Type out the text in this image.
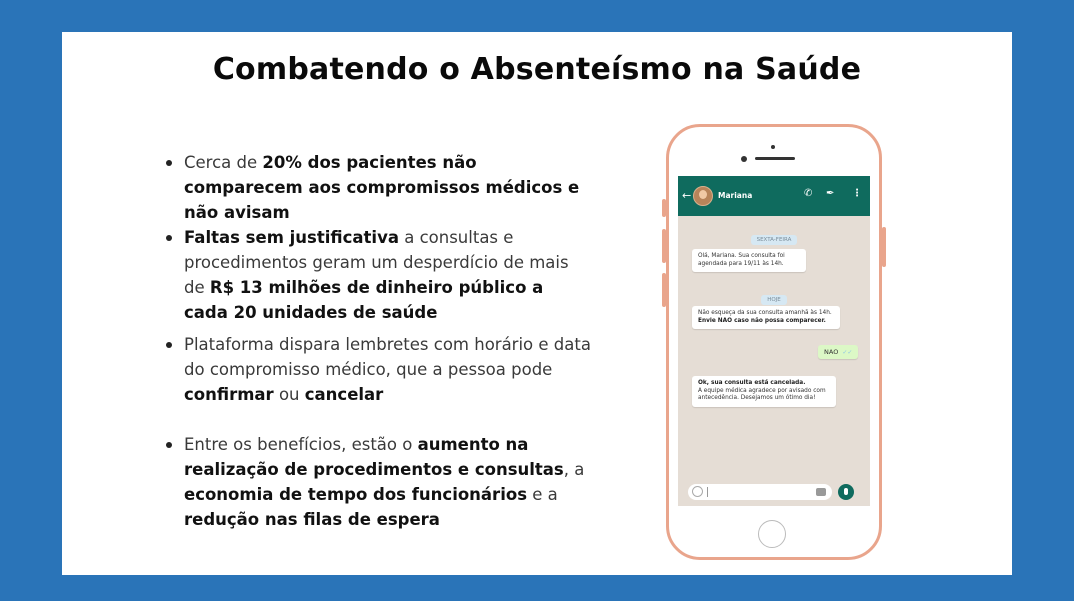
Combatendo o Absenteísmo na Saúde
Cerca de 20% dos pacientes não comparecem aos compromissos médicos e não avisam
Faltas sem justificativa a consultas e procedimentos geram um desperdício de mais de R$ 13 milhões de dinheiro público a cada 20 unidades de saúde
Plataforma dispara lembretes com horário e data do compromisso médico, que a pessoa pode confirmar ou cancelar
Entre os benefícios, estão o aumento na realização de procedimentos e consultas, a economia de tempo dos funcionários e a redução nas filas de espera
←	Mariana	✆ ✒ ⋮
SEXTA-FEIRA
Olá, Mariana. Sua consulta foi agendada para 19/11 às 14h.
HOJE
Não esqueça da sua consulta amanhã às 14h.
Envie NAO caso não possa comparecer.
NAO ✓✓
Ok, sua consulta está cancelada.
A equipe médica agradece por avisado com antecedência. Desejamos um ótimo dia!
